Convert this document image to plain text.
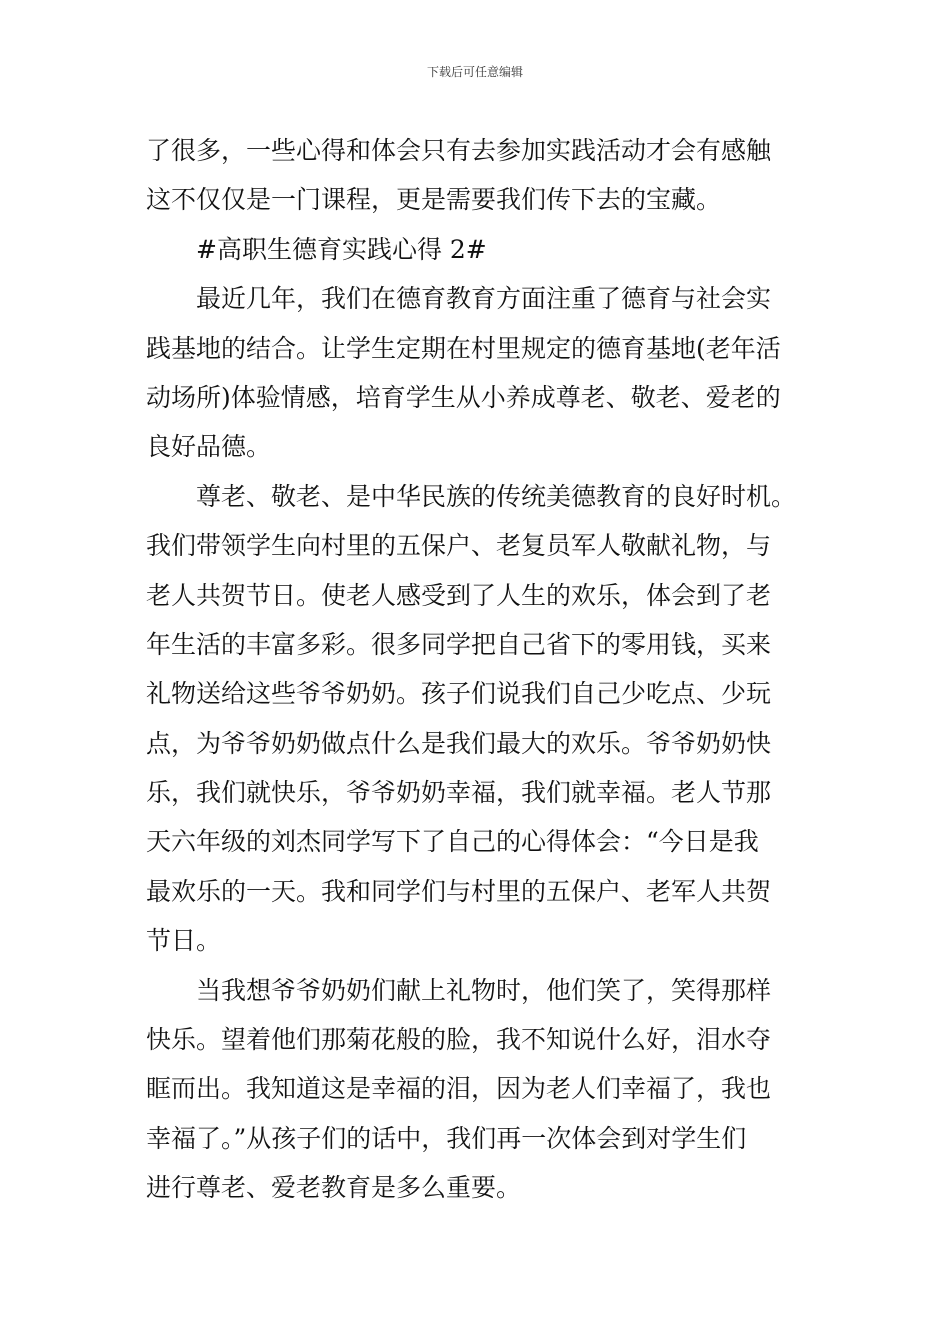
下载后可任意编辑
了很多，一些心得和体会只有去参加实践活动才会有感触
这不仅仅是一门课程，更是需要我们传下去的宝藏。
#高职生德育实践心得 2#
最近几年，我们在德育教育方面注重了德育与社会实
践基地的结合。让学生定期在村里规定的德育基地(老年活
动场所)体验情感，培育学生从小养成尊老、敬老、爱老的
良好品德。
尊老、敬老、是中华民族的传统美德教育的良好时机。
我们带领学生向村里的五保户、老复员军人敬献礼物，与
老人共贺节日。使老人感受到了人生的欢乐，体会到了老
年生活的丰富多彩。很多同学把自己省下的零用钱，买来
礼物送给这些爷爷奶奶。孩子们说我们自己少吃点、少玩
点，为爷爷奶奶做点什么是我们最大的欢乐。爷爷奶奶快
乐，我们就快乐，爷爷奶奶幸福，我们就幸福。老人节那
天六年级的刘杰同学写下了自己的心得体会：“今日是我
最欢乐的一天。我和同学们与村里的五保户、老军人共贺
节日。
当我想爷爷奶奶们献上礼物时，他们笑了，笑得那样
快乐。望着他们那菊花般的脸，我不知说什么好，泪水夺
眶而出。我知道这是幸福的泪，因为老人们幸福了，我也
幸福了。”从孩子们的话中，我们再一次体会到对学生们
进行尊老、爱老教育是多么重要。
